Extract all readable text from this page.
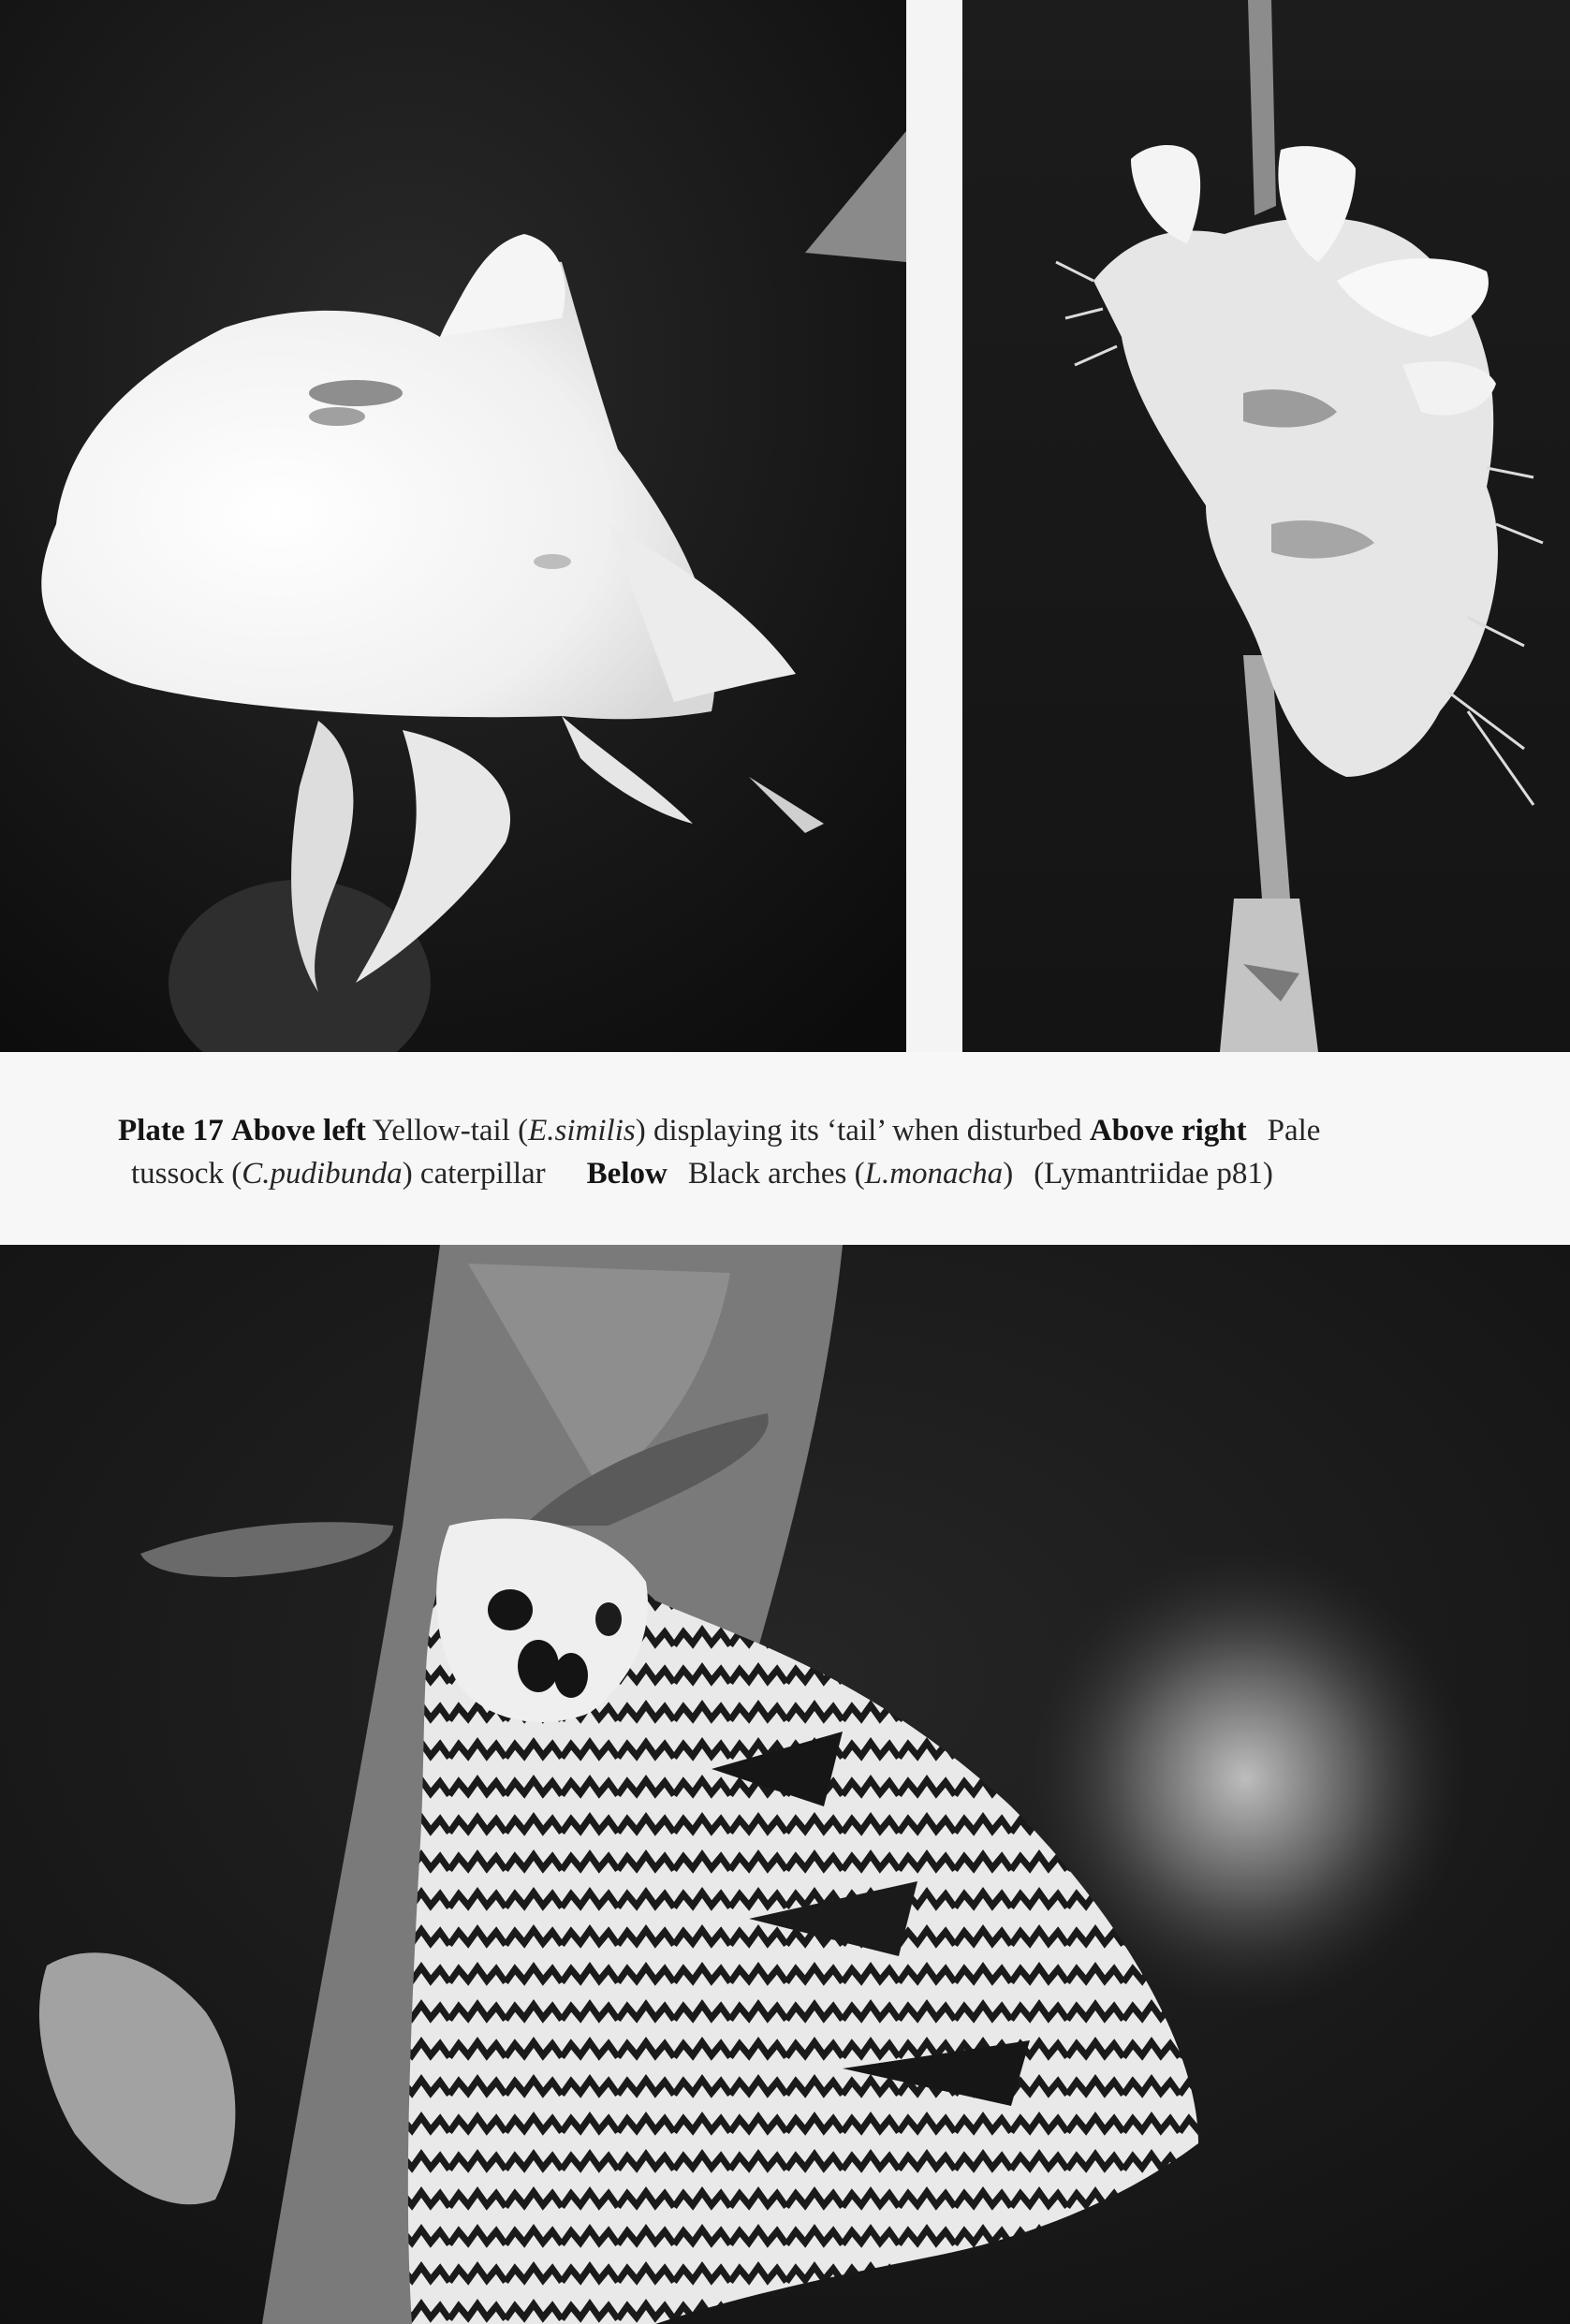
Plate 17 Above left Yellow-tail (E.similis) displaying its ‘tail’ when disturbed Above right Pale
tussock (C.pudibunda) caterpillar Below Black arches (L.monacha) (Lymantriidae p81)
